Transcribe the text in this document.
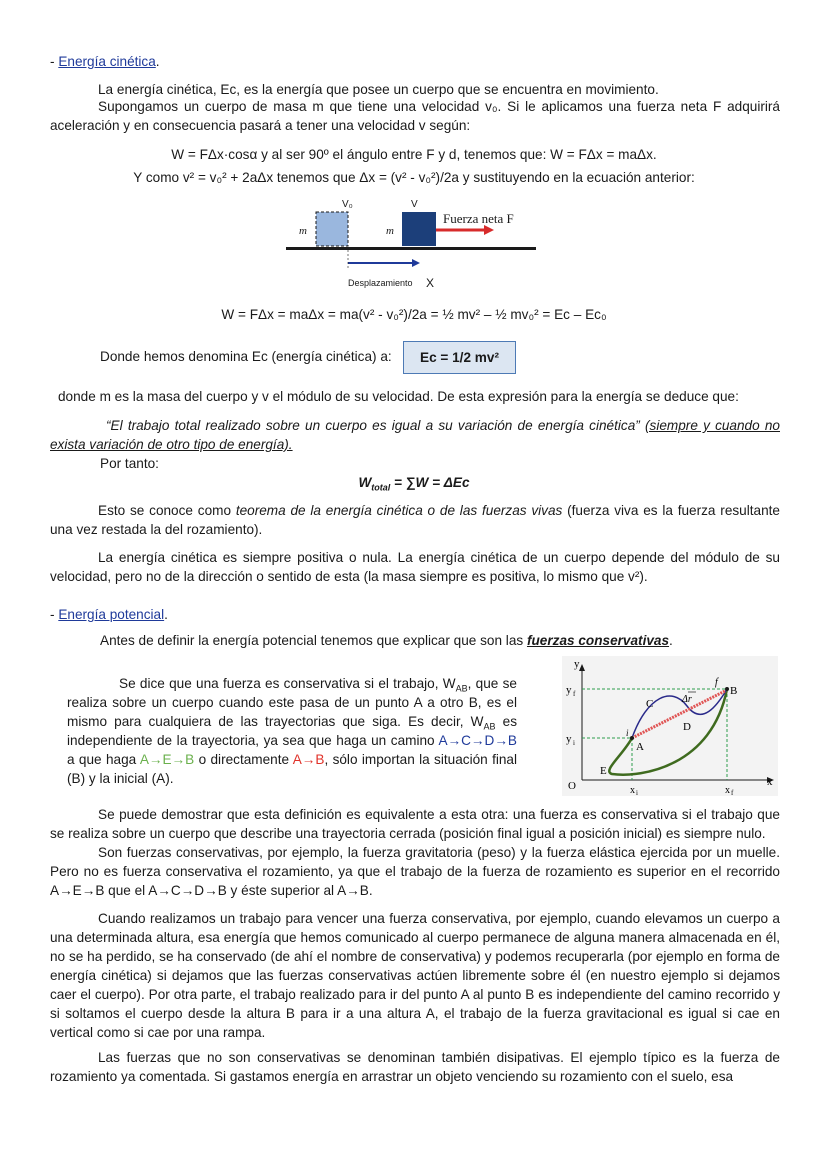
- Energía cinética.
La energía cinética, Ec, es la energía que posee un cuerpo que se encuentra en movimiento.
Supongamos un cuerpo de masa m que tiene una velocidad v₀. Si le aplicamos una fuerza neta F adquirirá aceleración y en consecuencia pasará a tener una velocidad v según:
W = FΔx·cosα y al ser 90º el ángulo entre F y d, tenemos que: W = FΔx = maΔx.
Y como v² = v₀² + 2aΔx tenemos que Δx = (v² - v₀²)/2a y sustituyendo en la ecuación anterior:
V₀	V
m	m
Fuerza neta F
Desplazamiento X
W = FΔx = maΔx = ma(v² - v₀²)/2a = ½ mv² – ½ mv₀² = Ec – Ec₀
Donde hemos denomina Ec (energía cinética) a:	Ec = 1/2 mv²
donde m es la masa del cuerpo y v el módulo de su velocidad. De esta expresión para la energía se deduce que:
“El trabajo total realizado sobre un cuerpo es igual a su variación de energía cinética” (siempre y cuando no exista variación de otro tipo de energía).
Por tanto:
$W_{total} = \sum W = \Delta Ec$
Esto se conoce como teorema de la energía cinética o de las fuerzas vivas (fuerza viva es la fuerza resultante una vez restada la del rozamiento).
La energía cinética es siempre positiva o nula. La energía cinética de un cuerpo depende del módulo de su velocidad, pero no de la dirección o sentido de esta (la masa siempre es positiva, lo mismo que v²).
- Energía potencial.
Antes de definir la energía potencial tenemos que explicar que son las fuerzas conservativas.
Se dice que una fuerza es conservativa si el trabajo, $W_{AB}$, que se realiza sobre un cuerpo cuando este pasa de un punto A a otro B, es el mismo para cualquiera de las trayectorias que siga. Es decir, $W_{AB}$ es independiente de la trayectoria, ya sea que haga un camino A→C→D→B a que haga A→E→B o directamente A→B, sólo importan la situación final (B) y la inicial (A).
y
x
O
y f
y i
x i	x f
A
B
C
D
E
f
i
Δr
Se puede demostrar que esta definición es equivalente a esta otra: una fuerza es conservativa si el trabajo que se realiza sobre un cuerpo que describe una trayectoria cerrada (posición final igual a posición inicial) es siempre nulo.
Son fuerzas conservativas, por ejemplo, la fuerza gravitatoria (peso) y la fuerza elástica ejercida por un muelle. Pero no es fuerza conservativa el rozamiento, ya que el trabajo de la fuerza de rozamiento es superior en el recorrido A→E→B que el A→C→D→B y éste superior al A→B.
Cuando realizamos un trabajo para vencer una fuerza conservativa, por ejemplo, cuando elevamos un cuerpo a una determinada altura, esa energía que hemos comunicado al cuerpo permanece de alguna manera almacenada en él, no se ha perdido, se ha conservado (de ahí el nombre de conservativa) y podemos recuperarla (por ejemplo en forma de energía cinética) si dejamos que las fuerzas conservativas actúen libremente sobre él (en nuestro ejemplo si dejamos caer el cuerpo). Por otra parte, el trabajo realizado para ir del punto A al punto B es independiente del camino recorrido y si soltamos el cuerpo desde la altura B para ir a una altura A, el trabajo de la fuerza gravitacional es igual si cae en vertical como si cae por una rampa.
Las fuerzas que no son conservativas se denominan también disipativas. El ejemplo típico es la fuerza de rozamiento ya comentada. Si gastamos energía en arrastrar un objeto venciendo su rozamiento con el suelo, esa
